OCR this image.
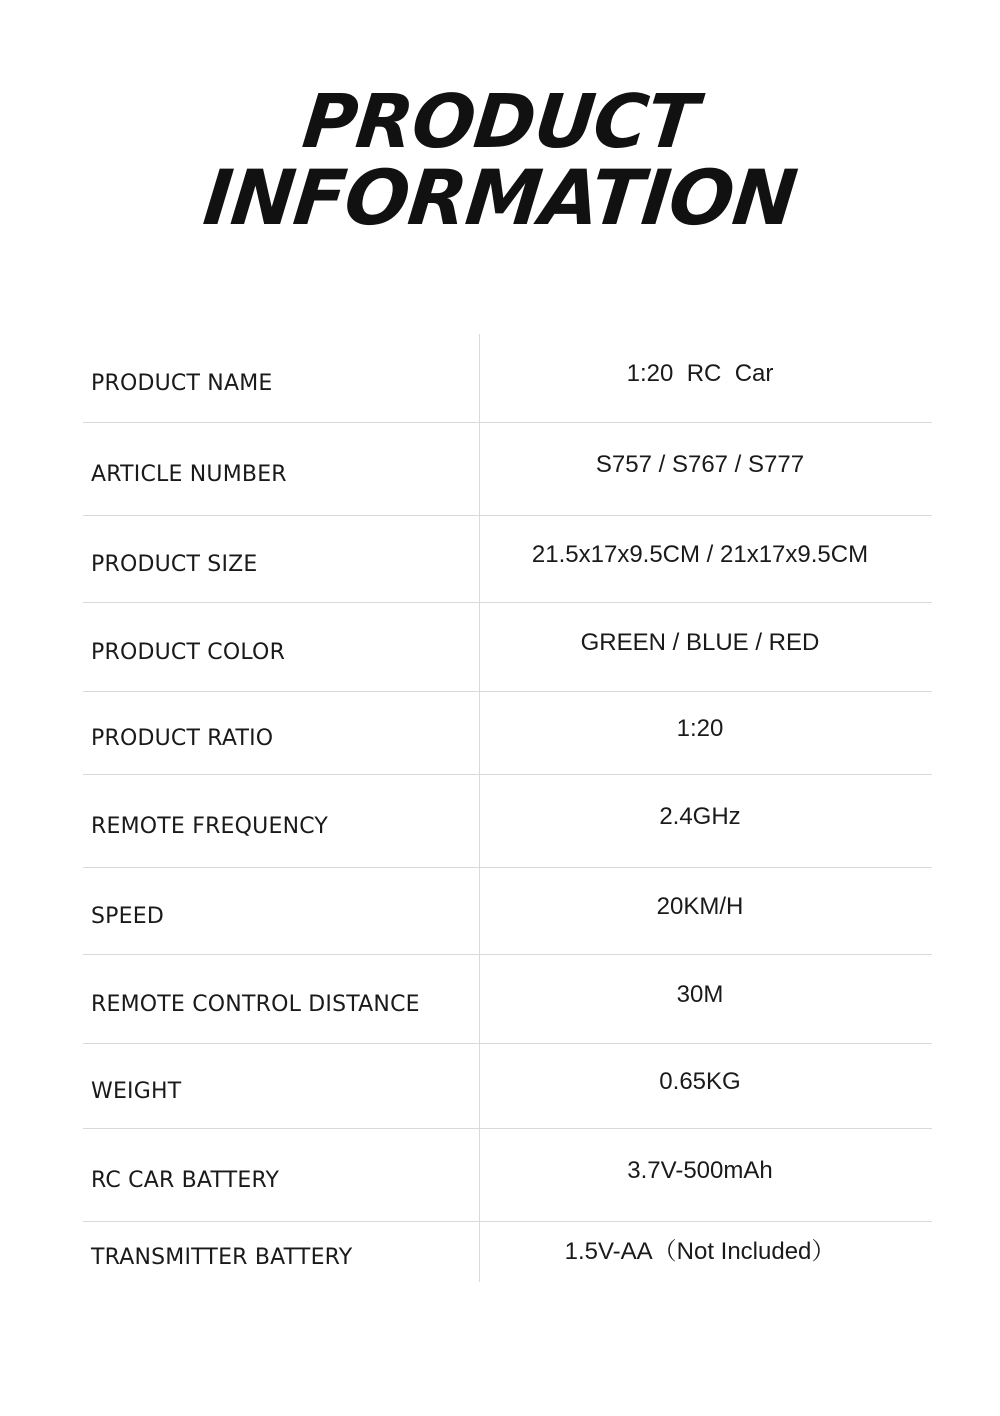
PRODUCT
INFORMATION
PRODUCT NAME	1:20  RC  Car
ARTICLE NUMBER	S757 / S767 / S777
PRODUCT SIZE	21.5x17x9.5CM / 21x17x9.5CM
PRODUCT COLOR	GREEN / BLUE / RED
PRODUCT RATIO	1:20
REMOTE FREQUENCY	2.4GHz
SPEED	20KM/H
REMOTE CONTROL DISTANCE	30M
WEIGHT	0.65KG
RC CAR BATTERY	3.7V-500mAh
TRANSMITTER BATTERY	1.5V-AA（Not Included）
